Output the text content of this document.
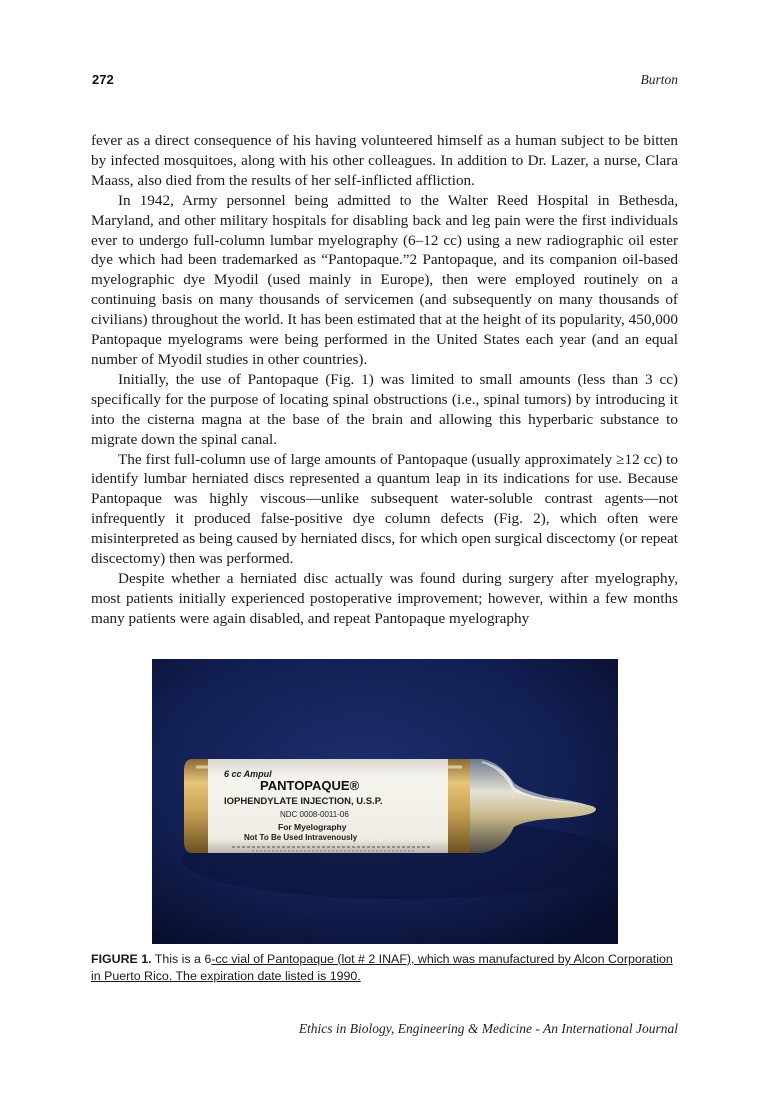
272	Burton

fever as a direct consequence of his having volunteered himself as a human subject to be bitten by infected mosquitoes, along with his other colleagues. In addition to Dr. Lazer, a nurse, Clara Maass, also died from the results of her self-inflicted affliction.

In 1942, Army personnel being admitted to the Walter Reed Hospital in Bethesda, Maryland, and other military hospitals for disabling back and leg pain were the first individuals ever to undergo full-column lumbar myelography (6–12 cc) using a new radiographic oil ester dye which had been trademarked as “Pantopaque.”2 Pantopaque, and its companion oil-based myelographic dye Myodil (used mainly in Europe), then were employed routinely on a continuing basis on many thousands of servicemen (and subsequently on many thousands of civilians) throughout the world. It has been estimated that at the height of its popularity, 450,000 Pantopaque myelograms were being performed in the United States each year (and an equal number of Myodil studies in other countries).

Initially, the use of Pantopaque (Fig. 1) was limited to small amounts (less than 3 cc) specifically for the purpose of locating spinal obstructions (i.e., spinal tumors) by introducing it into the cisterna magna at the base of the brain and allowing this hyperbaric substance to migrate down the spinal canal.

The first full-column use of large amounts of Pantopaque (usually approximately ≥12 cc) to identify lumbar herniated discs represented a quantum leap in its indications for use. Because Pantopaque was highly viscous—unlike subsequent water-soluble contrast agents—not infrequently it produced false-positive dye column defects (Fig. 2), which often were misinterpreted as being caused by herniated discs, for which open surgical discectomy (or repeat discectomy) then was performed.

Despite whether a herniated disc actually was found during surgery after myelography, most patients initially experienced postoperative improvement; however, within a few months many patients were again disabled, and repeat Pantopaque myelography

6 cc Ampul
PANTOPAQUE®
IOPHENDYLATE INJECTION, U.S.P.
NDC 0008-0011-06
For Myelography
Not To Be Used Intravenously
FIGURE 1. This is a 6-cc vial of Pantopaque (lot # 2 INAF), which was manufactured by Alcon Corporation in Puerto Rico. The expiration date listed is 1990.
Ethics in Biology, Engineering & Medicine - An International Journal
